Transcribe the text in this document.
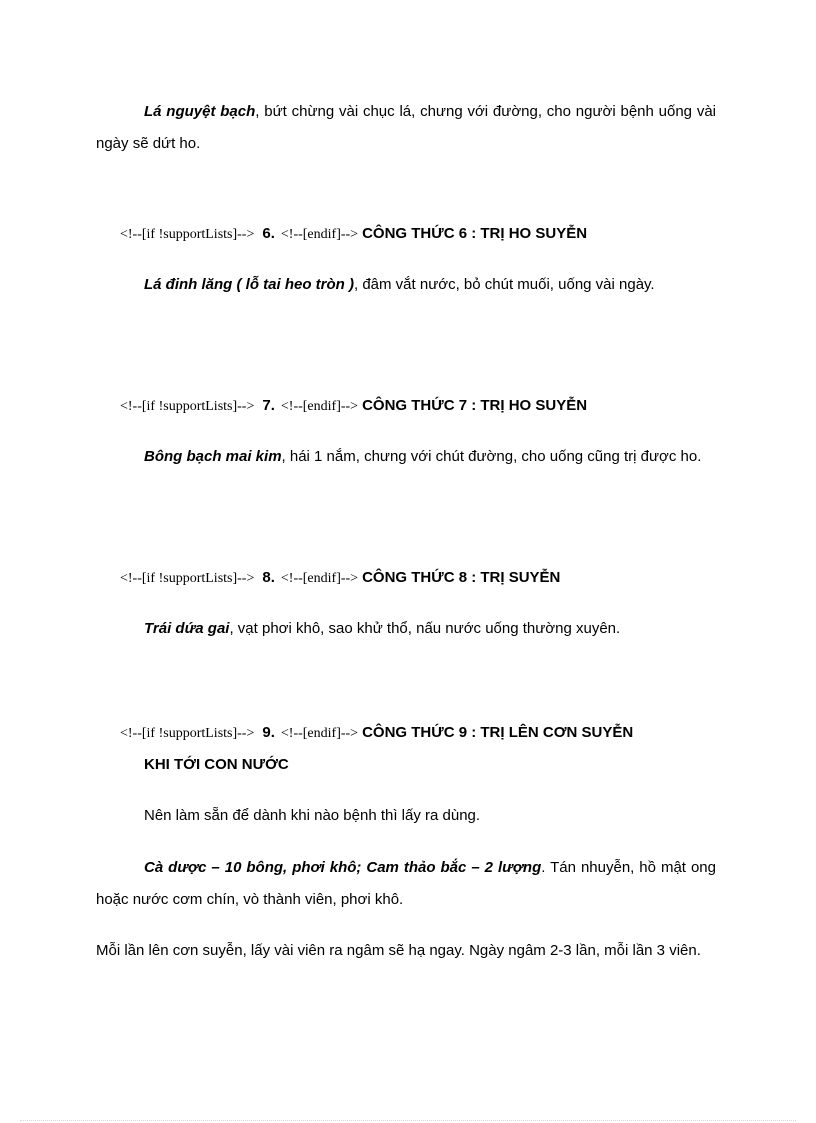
Lá nguyệt bạch, bứt chừng vài chục lá, chưng với đường, cho người bệnh uống vài ngày sẽ dứt ho.

<!--[if !supportLists]--> 6. <!--[endif]--> CÔNG THỨC 6 : TRỊ HO SUYỄN

Lá đinh lăng ( lỗ tai heo tròn ), đâm vắt nước, bỏ chút muối, uống vài ngày.

<!--[if !supportLists]--> 7. <!--[endif]--> CÔNG THỨC 7 : TRỊ HO SUYỄN

Bông bạch mai kim, hái 1 nắm, chưng với chút đường, cho uống cũng trị được ho.

<!--[if !supportLists]--> 8. <!--[endif]--> CÔNG THỨC 8 : TRỊ SUYỄN

Trái dứa gai, vạt phơi khô, sao khử thổ, nấu nước uống thường xuyên.

<!--[if !supportLists]--> 9. <!--[endif]--> CÔNG THỨC 9 : TRỊ LÊN CƠN SUYỄN
KHI TỚI CON NƯỚC

Nên làm sẵn để dành khi nào bệnh thì lấy ra dùng.

Cà dược – 10 bông, phơi khô; Cam thảo bắc – 2 lượng. Tán nhuyễn, hồ mật ong hoặc nước cơm chín, vò thành viên, phơi khô.

Mỗi lần lên cơn suyễn, lấy vài viên ra ngâm sẽ hạ ngay. Ngày ngâm 2-3 lần, mỗi lần 3 viên.
